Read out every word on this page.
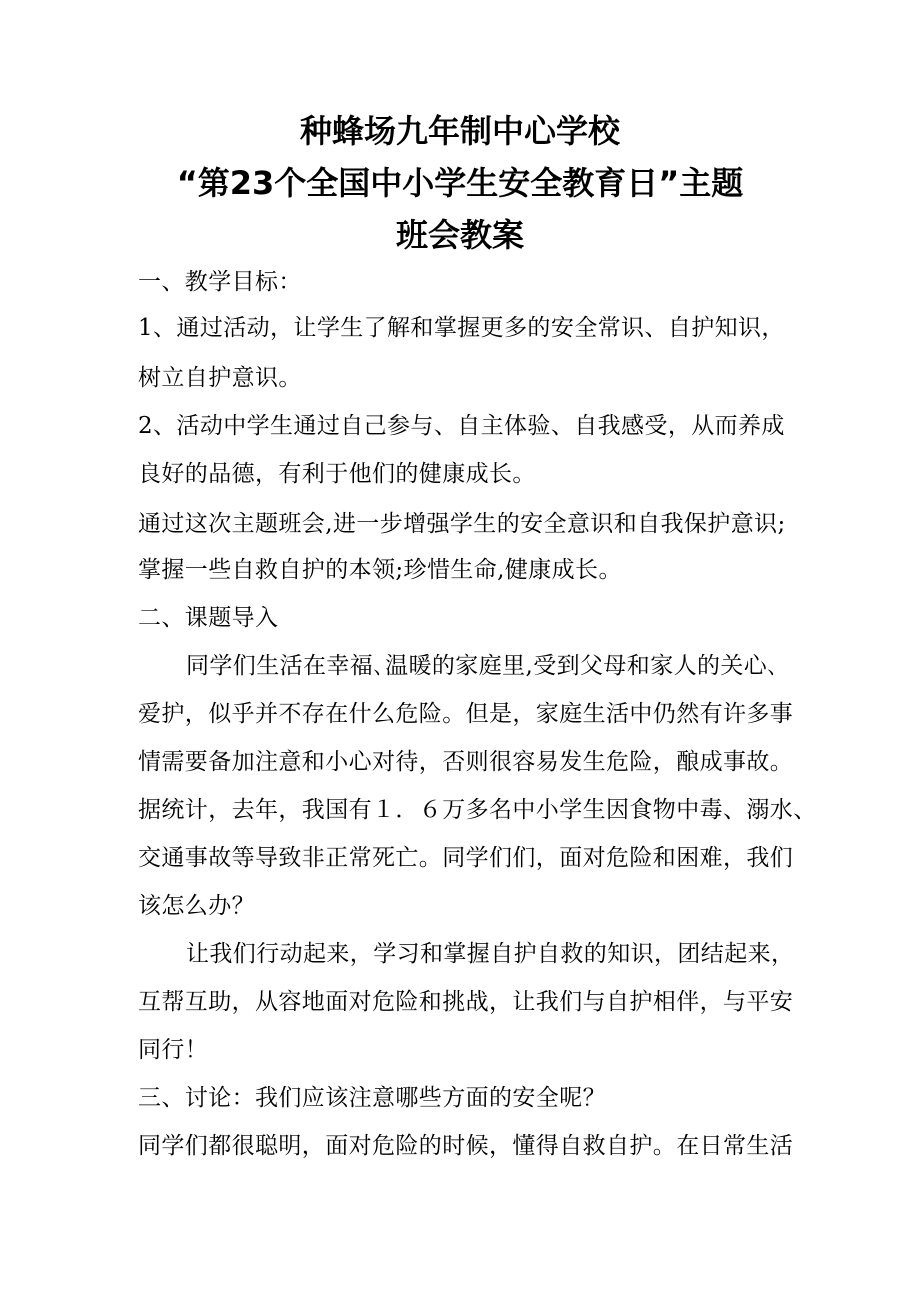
种蜂场九年制中心学校
“第23个全国中小学生安全教育日”主题
班会教案
一、教学目标：
1、通过活动，让学生了解和掌握更多的安全常识、自护知识，
树立自护意识。
2、活动中学生通过自己参与、自主体验、自我感受，从而养成
良好的品德，有利于他们的健康成长。
通过这次主题班会,进一步增强学生的安全意识和自我保护意识;
掌握一些自救自护的本领;珍惜生命,健康成长。
二、课题导入
同学们生活在幸福､温暖的家庭里,受到父母和家人的关心､
爱护，似乎并不存在什么危险。但是，家庭生活中仍然有许多事
情需要备加注意和小心对待，否则很容易发生危险，酿成事故。
据统计，去年，我国有１．６万多名中小学生因食物中毒、溺水、
交通事故等导致非正常死亡。同学们们，面对危险和困难，我们
该怎么办？
让我们行动起来，学习和掌握自护自救的知识，团结起来，
互帮互助，从容地面对危险和挑战，让我们与自护相伴，与平安
同行！
三、讨论：我们应该注意哪些方面的安全呢？
同学们都很聪明，面对危险的时候，懂得自救自护。在日常生活
